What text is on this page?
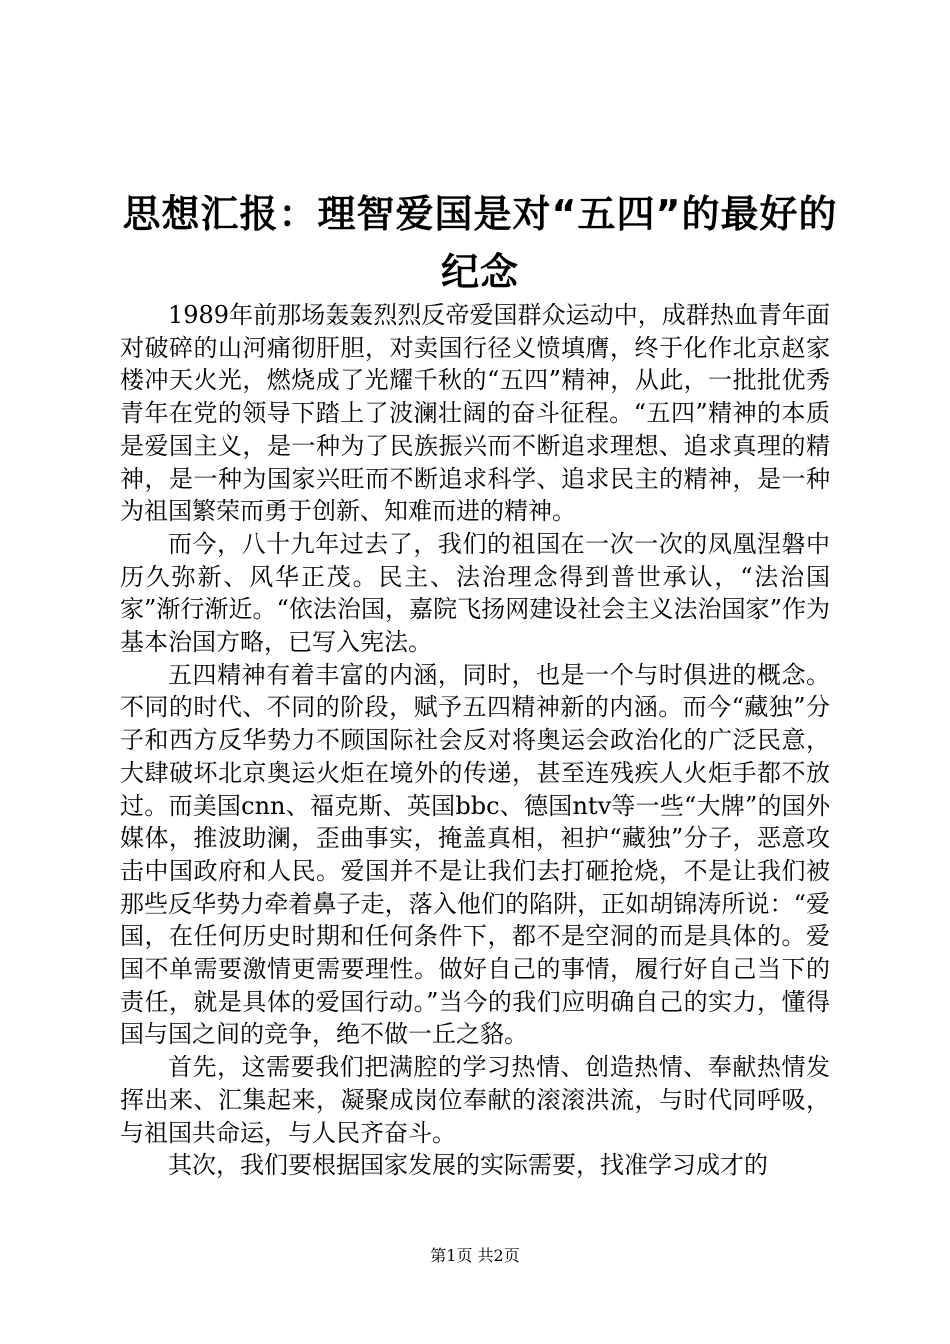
思想汇报：理智爱国是对“五四”的最好的纪念

1989年前那场轰轰烈烈反帝爱国群众运动中，成群热血青年面对破碎的山河痛彻肝胆，对卖国行径义愤填膺，终于化作北京赵家楼冲天火光，燃烧成了光耀千秋的“五四”精神，从此，一批批优秀青年在党的领导下踏上了波澜壮阔的奋斗征程。“五四”精神的本质是爱国主义，是一种为了民族振兴而不断追求理想、追求真理的精神，是一种为国家兴旺而不断追求科学、追求民主的精神，是一种为祖国繁荣而勇于创新、知难而进的精神。

而今，八十九年过去了，我们的祖国在一次一次的凤凰涅磐中历久弥新、风华正茂。民主、法治理念得到普世承认，“法治国家”渐行渐近。“依法治国，嘉院飞扬网建设社会主义法治国家”作为基本治国方略，已写入宪法。

五四精神有着丰富的内涵，同时，也是一个与时俱进的概念。不同的时代、不同的阶段，赋予五四精神新的内涵。而今“藏独”分子和西方反华势力不顾国际社会反对将奥运会政治化的广泛民意，大肆破坏北京奥运火炬在境外的传递，甚至连残疾人火炬手都不放过。而美国cnn、福克斯、英国bbc、德国ntv等一些“大牌”的国外媒体，推波助澜，歪曲事实，掩盖真相，袒护“藏独”分子，恶意攻击中国政府和人民。爱国并不是让我们去打砸抢烧，不是让我们被那些反华势力牵着鼻子走，落入他们的陷阱，正如胡锦涛所说：“爱国，在任何历史时期和任何条件下，都不是空洞的而是具体的。爱国不单需要激情更需要理性。做好自己的事情，履行好自己当下的责任，就是具体的爱国行动。”当今的我们应明确自己的实力，懂得国与国之间的竞争，绝不做一丘之貉。

首先，这需要我们把满腔的学习热情、创造热情、奉献热情发挥出来、汇集起来，凝聚成岗位奉献的滚滚洪流，与时代同呼吸，与祖国共命运，与人民齐奋斗。

其次，我们要根据国家发展的实际需要，找准学习成才的

第1页 共2页
